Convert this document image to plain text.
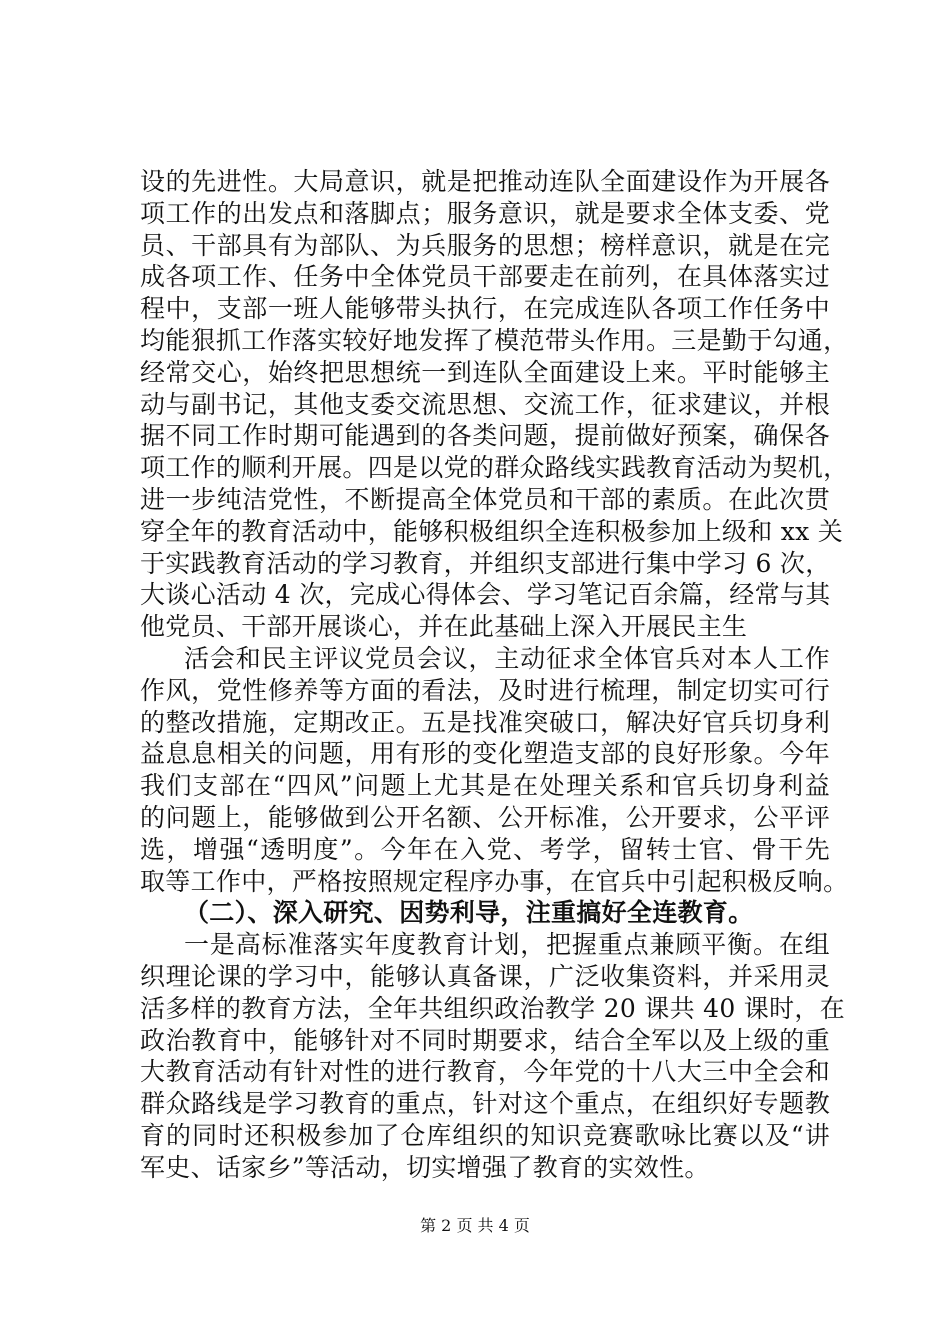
设的先进性。大局意识，就是把推动连队全面建设作为开展各
项工作的出发点和落脚点；服务意识，就是要求全体支委、党
员、干部具有为部队、为兵服务的思想；榜样意识，就是在完
成各项工作、任务中全体党员干部要走在前列，在具体落实过
程中，支部一班人能够带头执行，在完成连队各项工作任务中
均能狠抓工作落实较好地发挥了模范带头作用。三是勤于勾通，
经常交心，始终把思想统一到连队全面建设上来。平时能够主
动与副书记，其他支委交流思想、交流工作，征求建议，并根
据不同工作时期可能遇到的各类问题，提前做好预案，确保各
项工作的顺利开展。四是以党的群众路线实践教育活动为契机，
进一步纯洁党性，不断提高全体党员和干部的素质。在此次贯
穿全年的教育活动中，能够积极组织全连积极参加上级和 xx 关
于实践教育活动的学习教育，并组织支部进行集中学习 6 次，
大谈心活动 4 次，完成心得体会、学习笔记百余篇，经常与其
他党员、干部开展谈心，并在此基础上深入开展民主生
活会和民主评议党员会议，主动征求全体官兵对本人工作
作风，党性修养等方面的看法，及时进行梳理，制定切实可行
的整改措施，定期改正。五是找准突破口，解决好官兵切身利
益息息相关的问题，用有形的变化塑造支部的良好形象。今年
我们支部在“四风”问题上尤其是在处理关系和官兵切身利益
的问题上，能够做到公开名额、公开标准，公开要求，公平评
选，增强“透明度”。今年在入党、考学，留转士官、骨干先
取等工作中，严格按照规定程序办事，在官兵中引起积极反响。
（二）、深入研究、因势利导，注重搞好全连教育。
一是高标准落实年度教育计划，把握重点兼顾平衡。在组
织理论课的学习中，能够认真备课，广泛收集资料，并采用灵
活多样的教育方法，全年共组织政治教学 20 课共 40 课时，在
政治教育中，能够针对不同时期要求，结合全军以及上级的重
大教育活动有针对性的进行教育，今年党的十八大三中全会和
群众路线是学习教育的重点，针对这个重点，在组织好专题教
育的同时还积极参加了仓库组织的知识竞赛歌咏比赛以及“讲
军史、话家乡”等活动，切实增强了教育的实效性。
第 2 页 共 4 页
